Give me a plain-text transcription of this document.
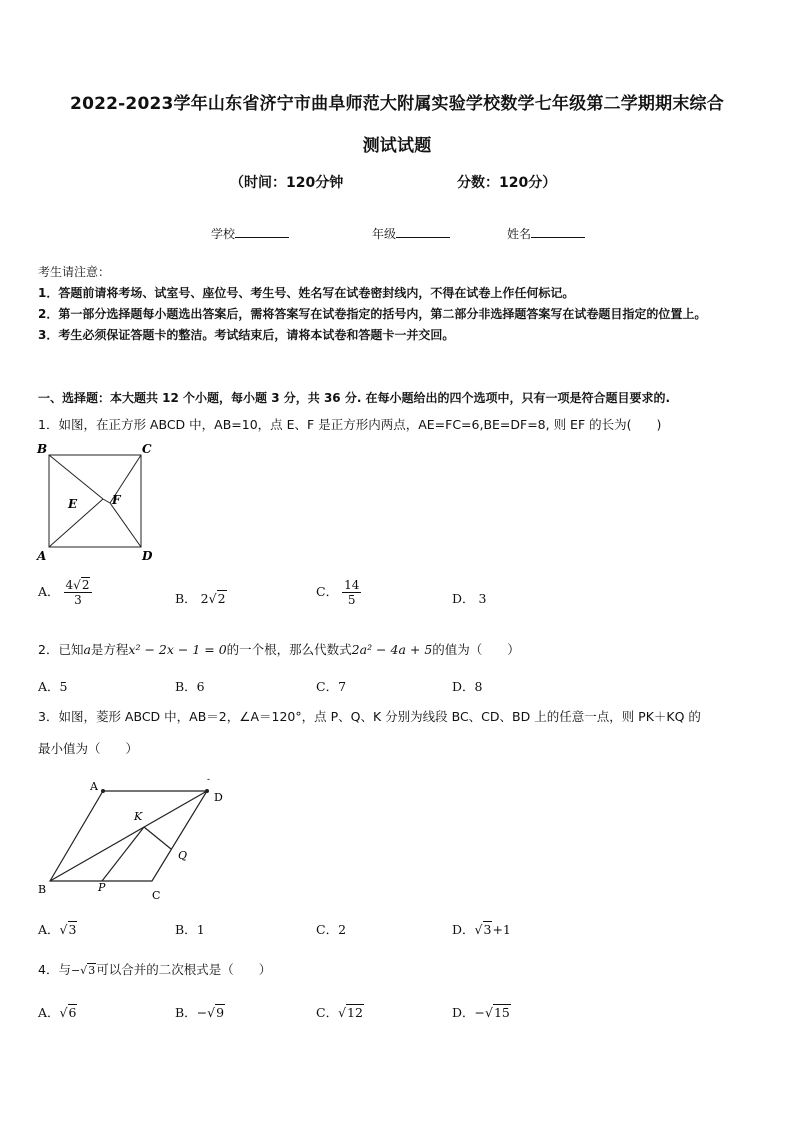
2022-2023学年山东省济宁市曲阜师范大附属实验学校数学七年级第二学期期末综合
测试试题
（时间：120分钟	分数：120分）
学校	年级	姓名
考生请注意：
1．答题前请将考场、试室号、座位号、考生号、姓名写在试卷密封线内，不得在试卷上作任何标记。
2．第一部分选择题每小题选出答案后，需将答案写在试卷指定的括号内，第二部分非选择题答案写在试卷题目指定的位置上。
3．考生必须保证答题卡的整洁。考试结束后，请将本试卷和答题卡一并交回。
一、选择题：本大题共 12 个小题，每小题 3 分，共 36 分. 在每小题给出的四个选项中，只有一项是符合题目要求的.
1．如图，在正方形 ABCD 中，AB=10，点 E、F 是正方形内两点，AE=FC=6,BE=DF=8, 则 EF 的长为(　　)
B	C
A	D
E	F
A． $\frac{4√2}{3}$	B． 2√2	C． $\frac{14}{5}$	D． 3
2．已知a是方程x² − 2x − 1 = 0的一个根，那么代数式2a² − 4a + 5的值为（　　）
A．5	B．6	C．7	D．8
3．如图，菱形 ABCD 中，AB＝2，∠A＝120°，点 P、Q、K 分别为线段 BC、CD、BD 上的任意一点，则 PK＋KQ 的
最小值为（　　）
A
D
-
K
Q
B	P
C
A．√3	B．1	C．2	D．√3+1
4．与−√3可以合并的二次根式是（　　）
A．√6	B．−√9	C．√12	D．−√15
